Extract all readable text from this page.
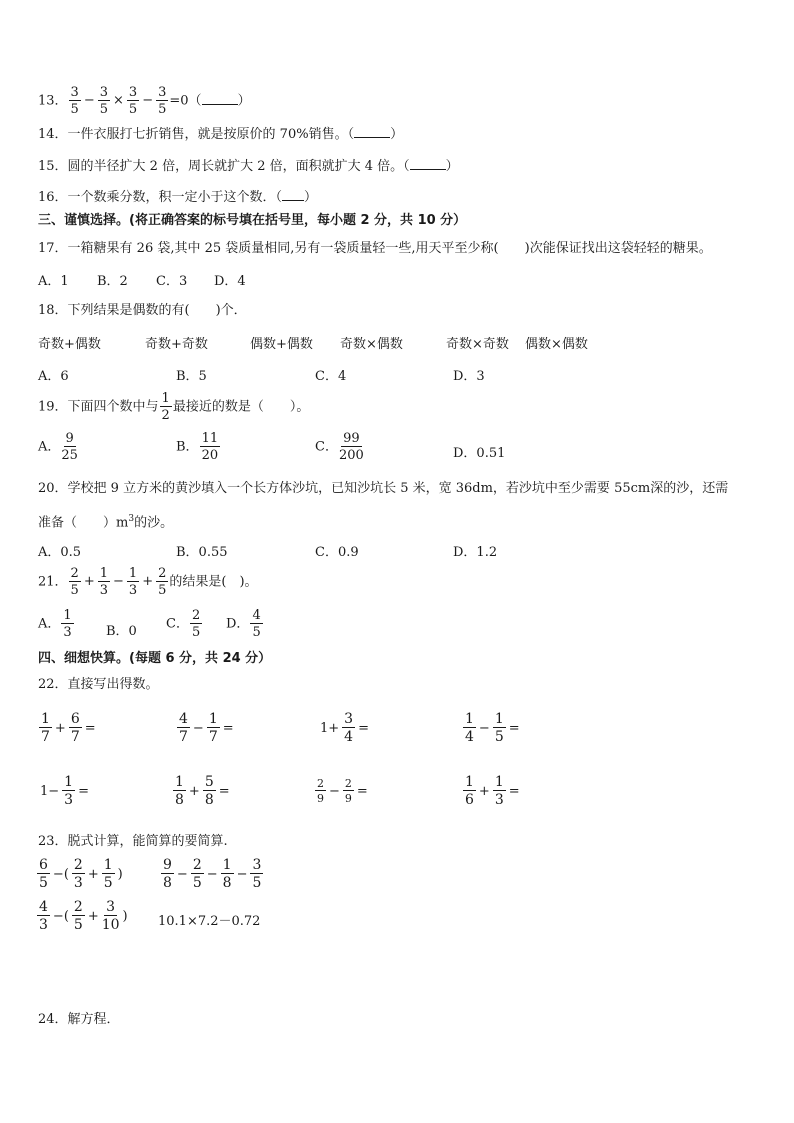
13． $\frac{3}{5} - \frac{3}{5} \times \frac{3}{5} - \frac{3}{5} =0$（	）
14．一件衣服打七折销售，就是按原价的 70%销售。（	）
15．圆的半径扩大 2 倍，周长就扩大 2 倍，面积就扩大 4 倍。（	）
16．一个数乘分数，积一定小于这个数．（ ）
三、谨慎选择。(将正确答案的标号填在括号里，每小题 2 分，共 10 分）
17．一箱糖果有 26 袋,其中 25 袋质量相同,另有一袋质量轻一些,用天平至少称(　　)次能保证找出这袋轻轻的糖果。
A．1 B．2 C．3 D．4
18．下列结果是偶数的有(　　)个．
奇数+偶数	奇数+奇数	偶数+偶数 奇数×偶数	奇数×奇数 偶数×偶数
A．6	B．5	C．4	D．3
19．下面四个数中与 $\frac{1}{2}$ 最接近的数是（　　）。
A． $\frac{9}{25}$	B． $\frac{11}{20}$	C． $\frac{99}{200}$	D．0.51
20．学校把 9 立方米的黄沙填入一个长方体沙坑，已知沙坑长 5 米，宽 36dm，若沙坑中至少需要 55cm深的沙，还需
准备（　　）$m^3$的沙。
A．0.5	B．0.55	C．0.9	D．1.2
21． $\frac{2}{5} + \frac{1}{3} - \frac{1}{3} + \frac{2}{5}$ 的结果是(　)。
A． $\frac{1}{3}$ B．0 C． $\frac{2}{5}$ D． $\frac{4}{5}$
四、细想快算。(每题 6 分，共 24 分）
22．直接写出得数。
$\frac{1}{7} + \frac{6}{7}$ =	$\frac{4}{7} - \frac{1}{7}$ =	$1+ \frac{3}{4}$ =	$\frac{1}{4} - \frac{1}{5}$ =
$1- \frac{1}{3}$ =	$\frac{1}{8} + \frac{5}{8}$ =	$\frac{2}{9} - \frac{2}{9}$ =	$\frac{1}{6} + \frac{1}{3}$ =
23．脱式计算，能简算的要简算.
$\frac{6}{5}$ −( $\frac{2}{3} + \frac{1}{5}$ )	$\frac{9}{8} - \frac{2}{5} - \frac{1}{8} - \frac{3}{5}$
$\frac{4}{3}$ −( $\frac{2}{5} + \frac{3}{10}$ ) 10.1×7.2－0.72
24．解方程．
